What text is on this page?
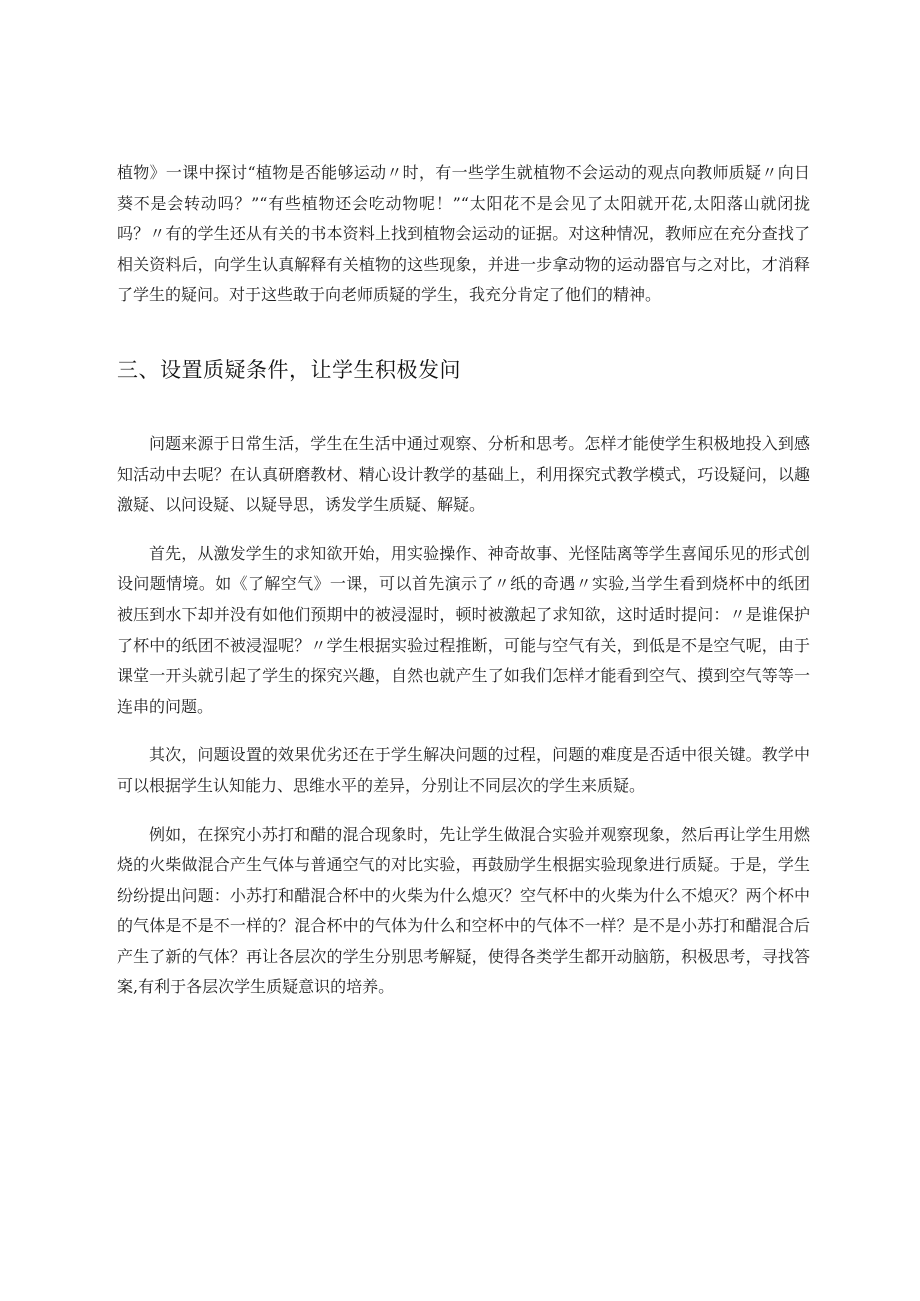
植物》一课中探讨“植物是否能够运动〃时，有一些学生就植物不会运动的观点向教师质疑〃向日葵不是会转动吗？”“有些植物还会吃动物呢！”“太阳花不是会见了太阳就开花,太阳落山就闭拢吗？〃有的学生还从有关的书本资料上找到植物会运动的证据。对这种情况，教师应在充分查找了相关资料后，向学生认真解释有关植物的这些现象，并进一步拿动物的运动器官与之对比，才消释了学生的疑问。对于这些敢于向老师质疑的学生，我充分肯定了他们的精神。

三、设置质疑条件，让学生积极发问

问题来源于日常生活，学生在生活中通过观察、分析和思考。怎样才能使学生积极地投入到感知活动中去呢？在认真研磨教材、精心设计教学的基础上，利用探究式教学模式，巧设疑问，以趣激疑、以问设疑、以疑导思，诱发学生质疑、解疑。

首先，从激发学生的求知欲开始，用实验操作、神奇故事、光怪陆离等学生喜闻乐见的形式创设问题情境。如《了解空气》一课，可以首先演示了〃纸的奇遇〃实验,当学生看到烧杯中的纸团被压到水下却并没有如他们预期中的被浸湿时，顿时被激起了求知欲，这时适时提问：〃是谁保护了杯中的纸团不被浸湿呢？〃学生根据实验过程推断，可能与空气有关，到低是不是空气呢，由于课堂一开头就引起了学生的探究兴趣，自然也就产生了如我们怎样才能看到空气、摸到空气等等一连串的问题。

其次，问题设置的效果优劣还在于学生解决问题的过程，问题的难度是否适中很关键。教学中可以根据学生认知能力、思维水平的差异，分别让不同层次的学生来质疑。

例如，在探究小苏打和醋的混合现象时，先让学生做混合实验并观察现象，然后再让学生用燃烧的火柴做混合产生气体与普通空气的对比实验，再鼓励学生根据实验现象进行质疑。于是，学生纷纷提出问题：小苏打和醋混合杯中的火柴为什么熄灭？空气杯中的火柴为什么不熄灭？两个杯中的气体是不是不一样的？混合杯中的气体为什么和空杯中的气体不一样？是不是小苏打和醋混合后产生了新的气体？再让各层次的学生分别思考解疑，使得各类学生都开动脑筋，积极思考，寻找答案,有利于各层次学生质疑意识的培养。
